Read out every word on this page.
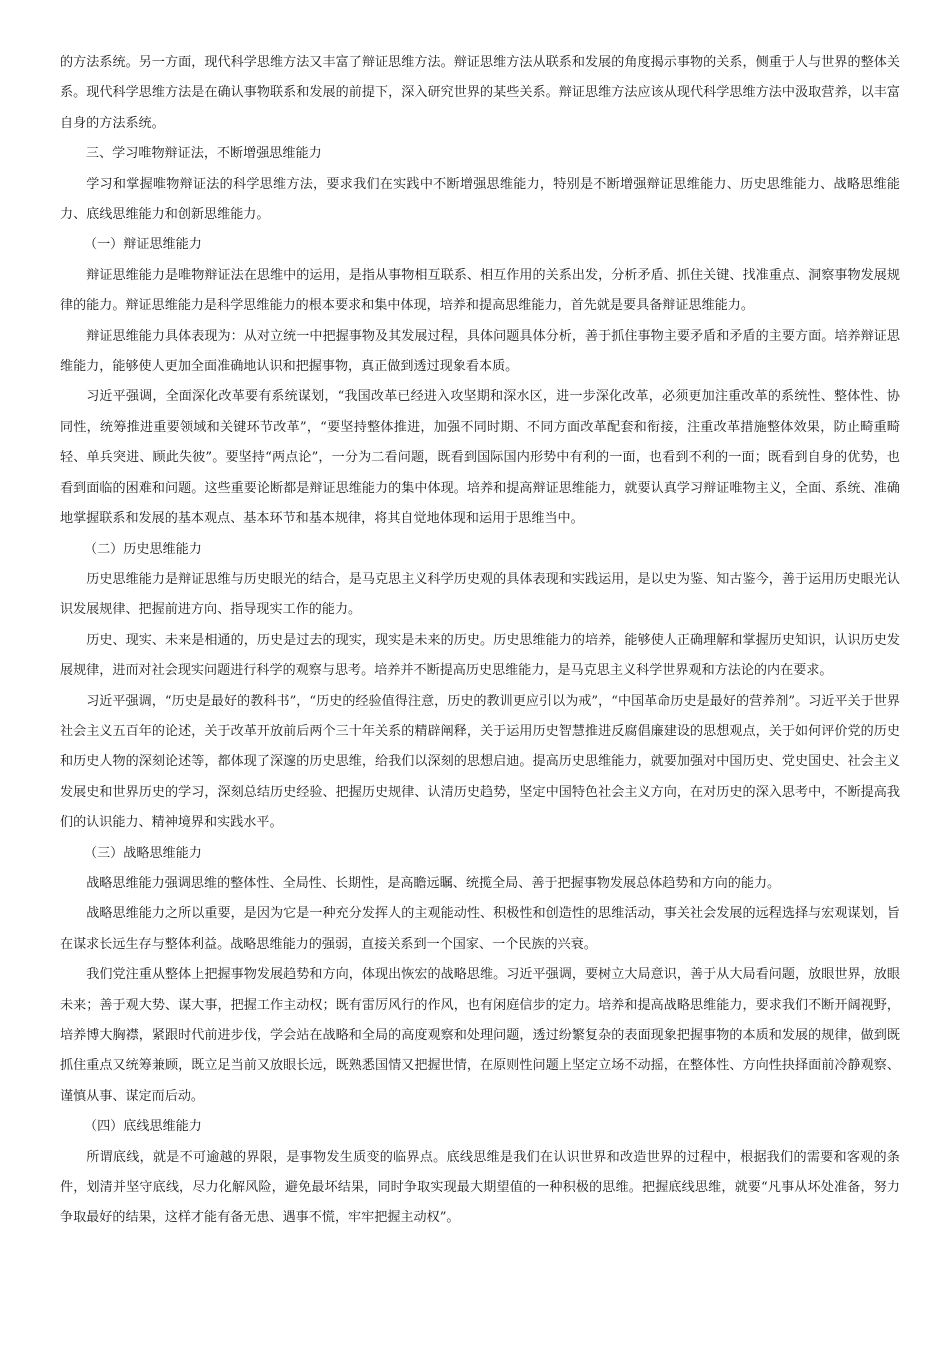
的方法系统。另一方面，现代科学思维方法又丰富了辩证思维方法。辩证思维方法从联系和发展的角度揭示事物的关系，侧重于人与世界的整体关系。现代科学思维方法是在确认事物联系和发展的前提下，深入研究世界的某些关系。辩证思维方法应该从现代科学思维方法中汲取营养，以丰富自身的方法系统。

三、学习唯物辩证法，不断增强思维能力

学习和掌握唯物辩证法的科学思维方法，要求我们在实践中不断增强思维能力，特别是不断增强辩证思维能力、历史思维能力、战略思维能力、底线思维能力和创新思维能力。

（一）辩证思维能力

辩证思维能力是唯物辩证法在思维中的运用，是指从事物相互联系、相互作用的关系出发，分析矛盾、抓住关键、找准重点、洞察事物发展规律的能力。辩证思维能力是科学思维能力的根本要求和集中体现，培养和提高思维能力，首先就是要具备辩证思维能力。

辩证思维能力具体表现为：从对立统一中把握事物及其发展过程，具体问题具体分析，善于抓住事物主要矛盾和矛盾的主要方面。培养辩证思维能力，能够使人更加全面准确地认识和把握事物，真正做到透过现象看本质。

习近平强调，全面深化改革要有系统谋划，“我国改革已经进入攻坚期和深水区，进一步深化改革，必须更加注重改革的系统性、整体性、协同性，统筹推进重要领域和关键环节改革”，“要坚持整体推进，加强不同时期、不同方面改革配套和衔接，注重改革措施整体效果，防止畸重畸轻、单兵突进、顾此失彼”。要坚持“两点论”，一分为二看问题，既看到国际国内形势中有利的一面，也看到不利的一面；既看到自身的优势，也看到面临的困难和问题。这些重要论断都是辩证思维能力的集中体现。培养和提高辩证思维能力，就要认真学习辩证唯物主义，全面、系统、准确地掌握联系和发展的基本观点、基本环节和基本规律，将其自觉地体现和运用于思维当中。

（二）历史思维能力

历史思维能力是辩证思维与历史眼光的结合，是马克思主义科学历史观的具体表现和实践运用，是以史为鉴、知古鉴今，善于运用历史眼光认识发展规律、把握前进方向、指导现实工作的能力。

历史、现实、未来是相通的，历史是过去的现实，现实是未来的历史。历史思维能力的培养，能够使人正确理解和掌握历史知识，认识历史发展规律，进而对社会现实问题进行科学的观察与思考。培养并不断提高历史思维能力，是马克思主义科学世界观和方法论的内在要求。

习近平强调，“历史是最好的教科书”，“历史的经验值得注意，历史的教训更应引以为戒”，“中国革命历史是最好的营养剂”。习近平关于世界社会主义五百年的论述，关于改革开放前后两个三十年关系的精辟阐释，关于运用历史智慧推进反腐倡廉建设的思想观点，关于如何评价党的历史和历史人物的深刻论述等，都体现了深邃的历史思维，给我们以深刻的思想启迪。提高历史思维能力，就要加强对中国历史、党史国史、社会主义发展史和世界历史的学习，深刻总结历史经验、把握历史规律、认清历史趋势，坚定中国特色社会主义方向，在对历史的深入思考中，不断提高我们的认识能力、精神境界和实践水平。

（三）战略思维能力

战略思维能力强调思维的整体性、全局性、长期性，是高瞻远瞩、统揽全局、善于把握事物发展总体趋势和方向的能力。

战略思维能力之所以重要，是因为它是一种充分发挥人的主观能动性、积极性和创造性的思维活动，事关社会发展的远程选择与宏观谋划，旨在谋求长远生存与整体利益。战略思维能力的强弱，直接关系到一个国家、一个民族的兴衰。

我们党注重从整体上把握事物发展趋势和方向，体现出恢宏的战略思维。习近平强调，要树立大局意识，善于从大局看问题，放眼世界，放眼未来；善于观大势、谋大事，把握工作主动权；既有雷厉风行的作风，也有闲庭信步的定力。培养和提高战略思维能力，要求我们不断开阔视野，培养博大胸襟，紧跟时代前进步伐，学会站在战略和全局的高度观察和处理问题，透过纷繁复杂的表面现象把握事物的本质和发展的规律，做到既抓住重点又统筹兼顾，既立足当前又放眼长远，既熟悉国情又把握世情，在原则性问题上坚定立场不动摇，在整体性、方向性抉择面前冷静观察、谨慎从事、谋定而后动。

（四）底线思维能力

所谓底线，就是不可逾越的界限，是事物发生质变的临界点。底线思维是我们在认识世界和改造世界的过程中，根据我们的需要和客观的条件，划清并坚守底线，尽力化解风险，避免最坏结果，同时争取实现最大期望值的一种积极的思维。把握底线思维，就要“凡事从坏处准备，努力争取最好的结果，这样才能有备无患、遇事不慌，牢牢把握主动权”。
